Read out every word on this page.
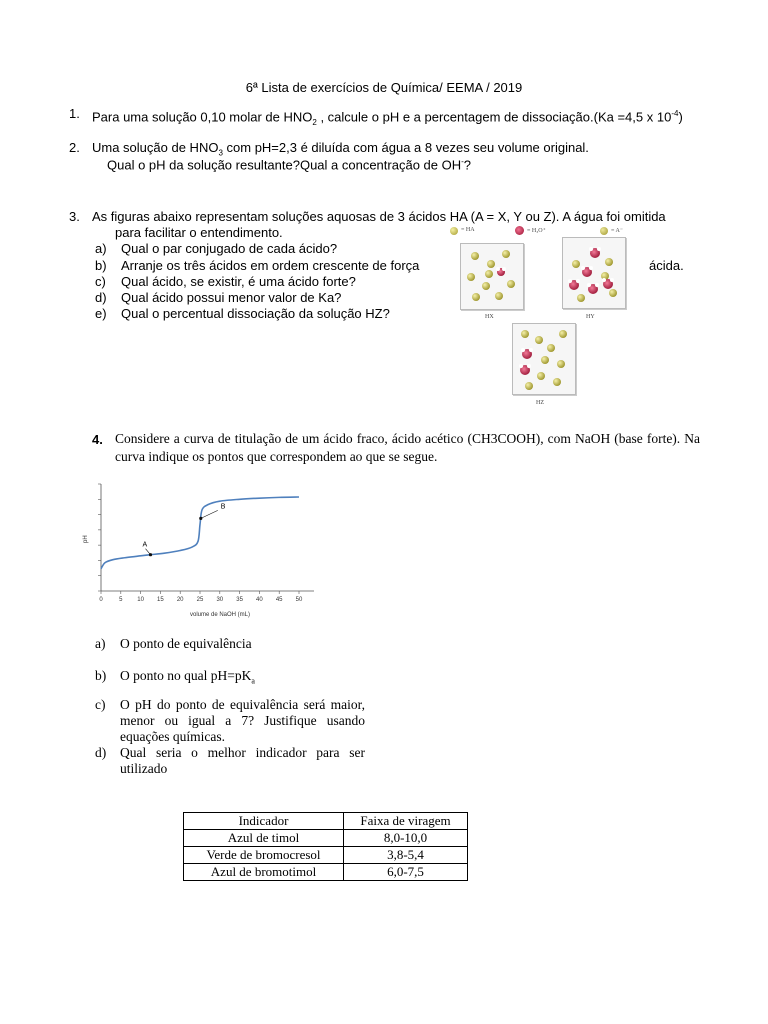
6ª Lista de exercícios de Química/ EEMA / 2019
1. Para uma solução 0,10 molar de $HNO_2$ , calcule o pH e a percentagem de dissociação.(Ka =4,5 x $10^{-4}$)
2. Uma solução de $HNO_3$ com pH=2,3 é diluída com água a 8 vezes seu volume original.
Qual o pH da solução resultante?Qual a concentração de OH-?
3. As figuras abaixo representam soluções aquosas de 3 ácidos HA (A = X, Y ou Z). A água foi omitida
para facilitar o entendimento.
a) Qual o par conjugado de cada ácido?
b) Arranje os três ácidos em ordem crescente de força	ácida.
c) Qual ácido, se existir, é uma ácido forte?
d) Qual ácido possui menor valor de Ka?
e) Qual o percentual dissociação da solução HZ?
= HA	= H₃O⁺	= A⁻
HX	HY
HZ
4. Considere a curva de titulação de um ácido fraco, ácido acético (CH3COOH), com NaOH (base forte). Na curva indique os pontos que correspondem ao que se segue.
0	5 10 15 20 25 30 35 40 45 50
A
B
pH
volume de NaOH (mL)
a) O ponto de equivalência
b) O ponto no qual $pH=pK_a$
c) O pH do ponto de equivalência será maior, menor ou igual a 7? Justifique usando equações químicas.
d) Qual seria o melhor indicador para ser utilizado
Indicador	Faixa de viragem
Azul de timol	8,0-10,0
Verde de bromocresol	3,8-5,4
Azul de bromotimol	6,0-7,5
